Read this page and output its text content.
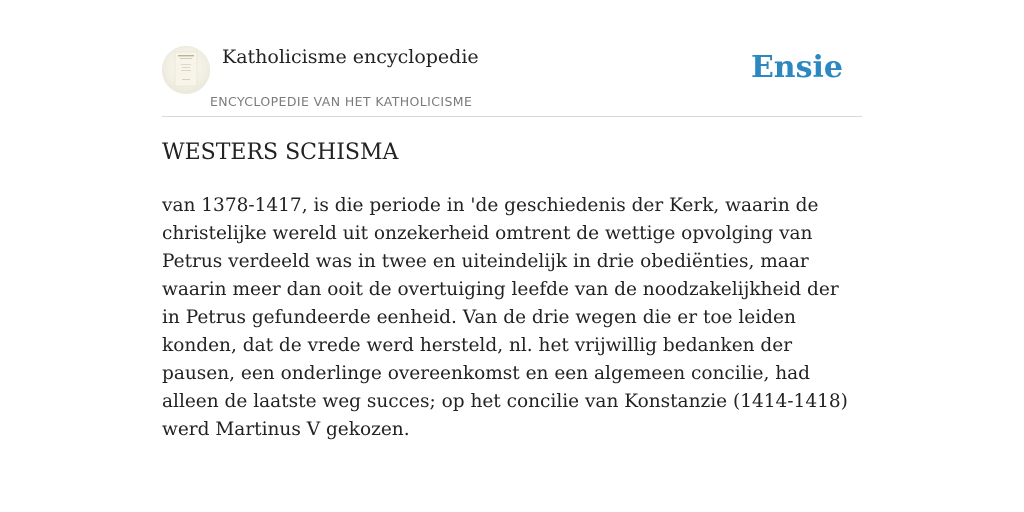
Katholicisme encyclopedie
ENCYCLOPEDIE VAN HET KATHOLICISME
Ensie
WESTERS SCHISMA

van 1378-1417, is die periode in 'de geschiedenis der Kerk, waarin de christelijke wereld uit onzekerheid omtrent de wettige opvolging van Petrus verdeeld was in twee en uiteindelijk in drie obediënties, maar waarin meer dan ooit de overtuiging leefde van de noodzakelijkheid der in Petrus gefundeerde eenheid. Van de drie wegen die er toe leiden konden, dat de vrede werd hersteld, nl. het vrijwillig bedanken der pausen, een onderlinge overeenkomst en een algemeen concilie, had alleen de laatste weg succes; op het concilie van Konstanzie (1414-1418) werd Martinus V gekozen.
